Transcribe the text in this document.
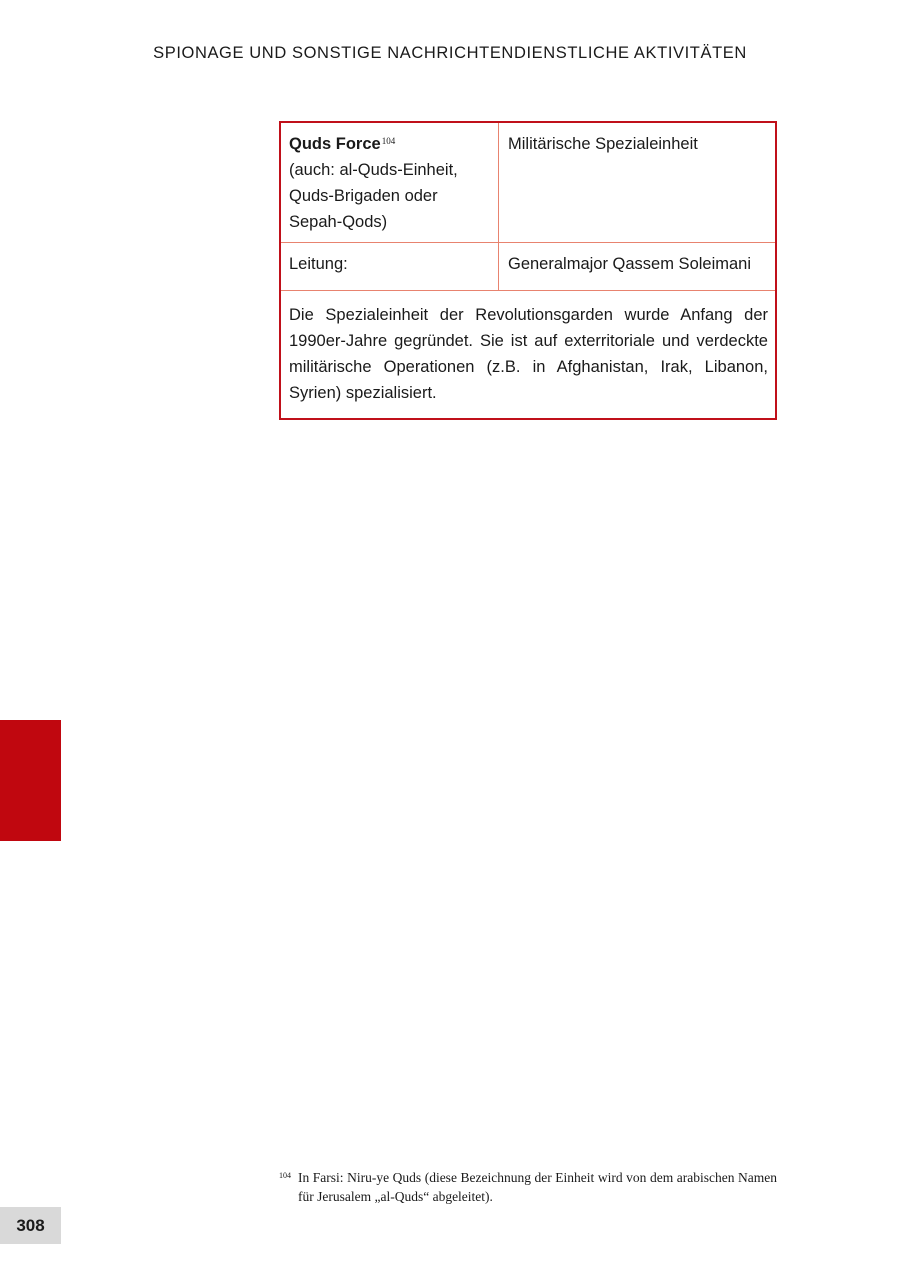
SPIONAGE UND SONSTIGE NACHRICHTENDIENSTLICHE AKTIVITÄTEN
Quds Force$^{104}$
(auch: al-Quds-Einheit,
Quds-Brigaden oder
Sepah-Qods)
Militärische Spezialeinheit
Leitung:	Generalmajor Qassem Soleimani
Die Spezialeinheit der Revolutionsgarden wurde Anfang der 1990er-Jahre gegründet. Sie ist auf exterritoriale und verdeckte militärische Operationen (z.B. in Afghanistan, Irak, Libanon, Syrien) spezialisiert.
104 In Farsi: Niru-ye Quds (diese Bezeichnung der Einheit wird von dem arabischen Namen für Jerusalem „al-Quds“ abgeleitet).
308
